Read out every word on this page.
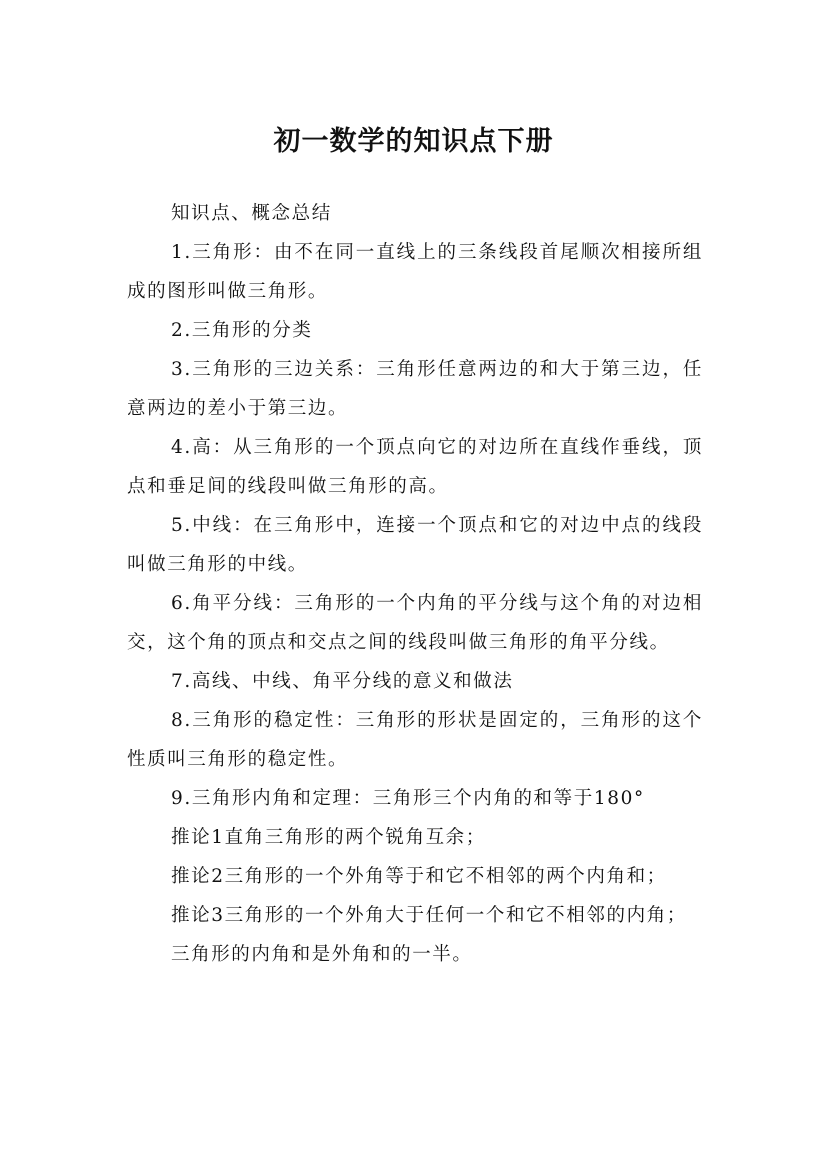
初一数学的知识点下册

知识点、概念总结

1.三角形：由不在同一直线上的三条线段首尾顺次相接所组成的图形叫做三角形。

2.三角形的分类

3.三角形的三边关系：三角形任意两边的和大于第三边，任意两边的差小于第三边。

4.高：从三角形的一个顶点向它的对边所在直线作垂线，顶点和垂足间的线段叫做三角形的高。

5.中线：在三角形中，连接一个顶点和它的对边中点的线段叫做三角形的中线。

6.角平分线：三角形的一个内角的平分线与这个角的对边相交，这个角的顶点和交点之间的线段叫做三角形的角平分线。

7.高线、中线、角平分线的意义和做法

8.三角形的稳定性：三角形的形状是固定的，三角形的这个性质叫三角形的稳定性。

9.三角形内角和定理：三角形三个内角的和等于180°

推论1直角三角形的两个锐角互余；

推论2三角形的一个外角等于和它不相邻的两个内角和；

推论3三角形的一个外角大于任何一个和它不相邻的内角；

三角形的内角和是外角和的一半。
